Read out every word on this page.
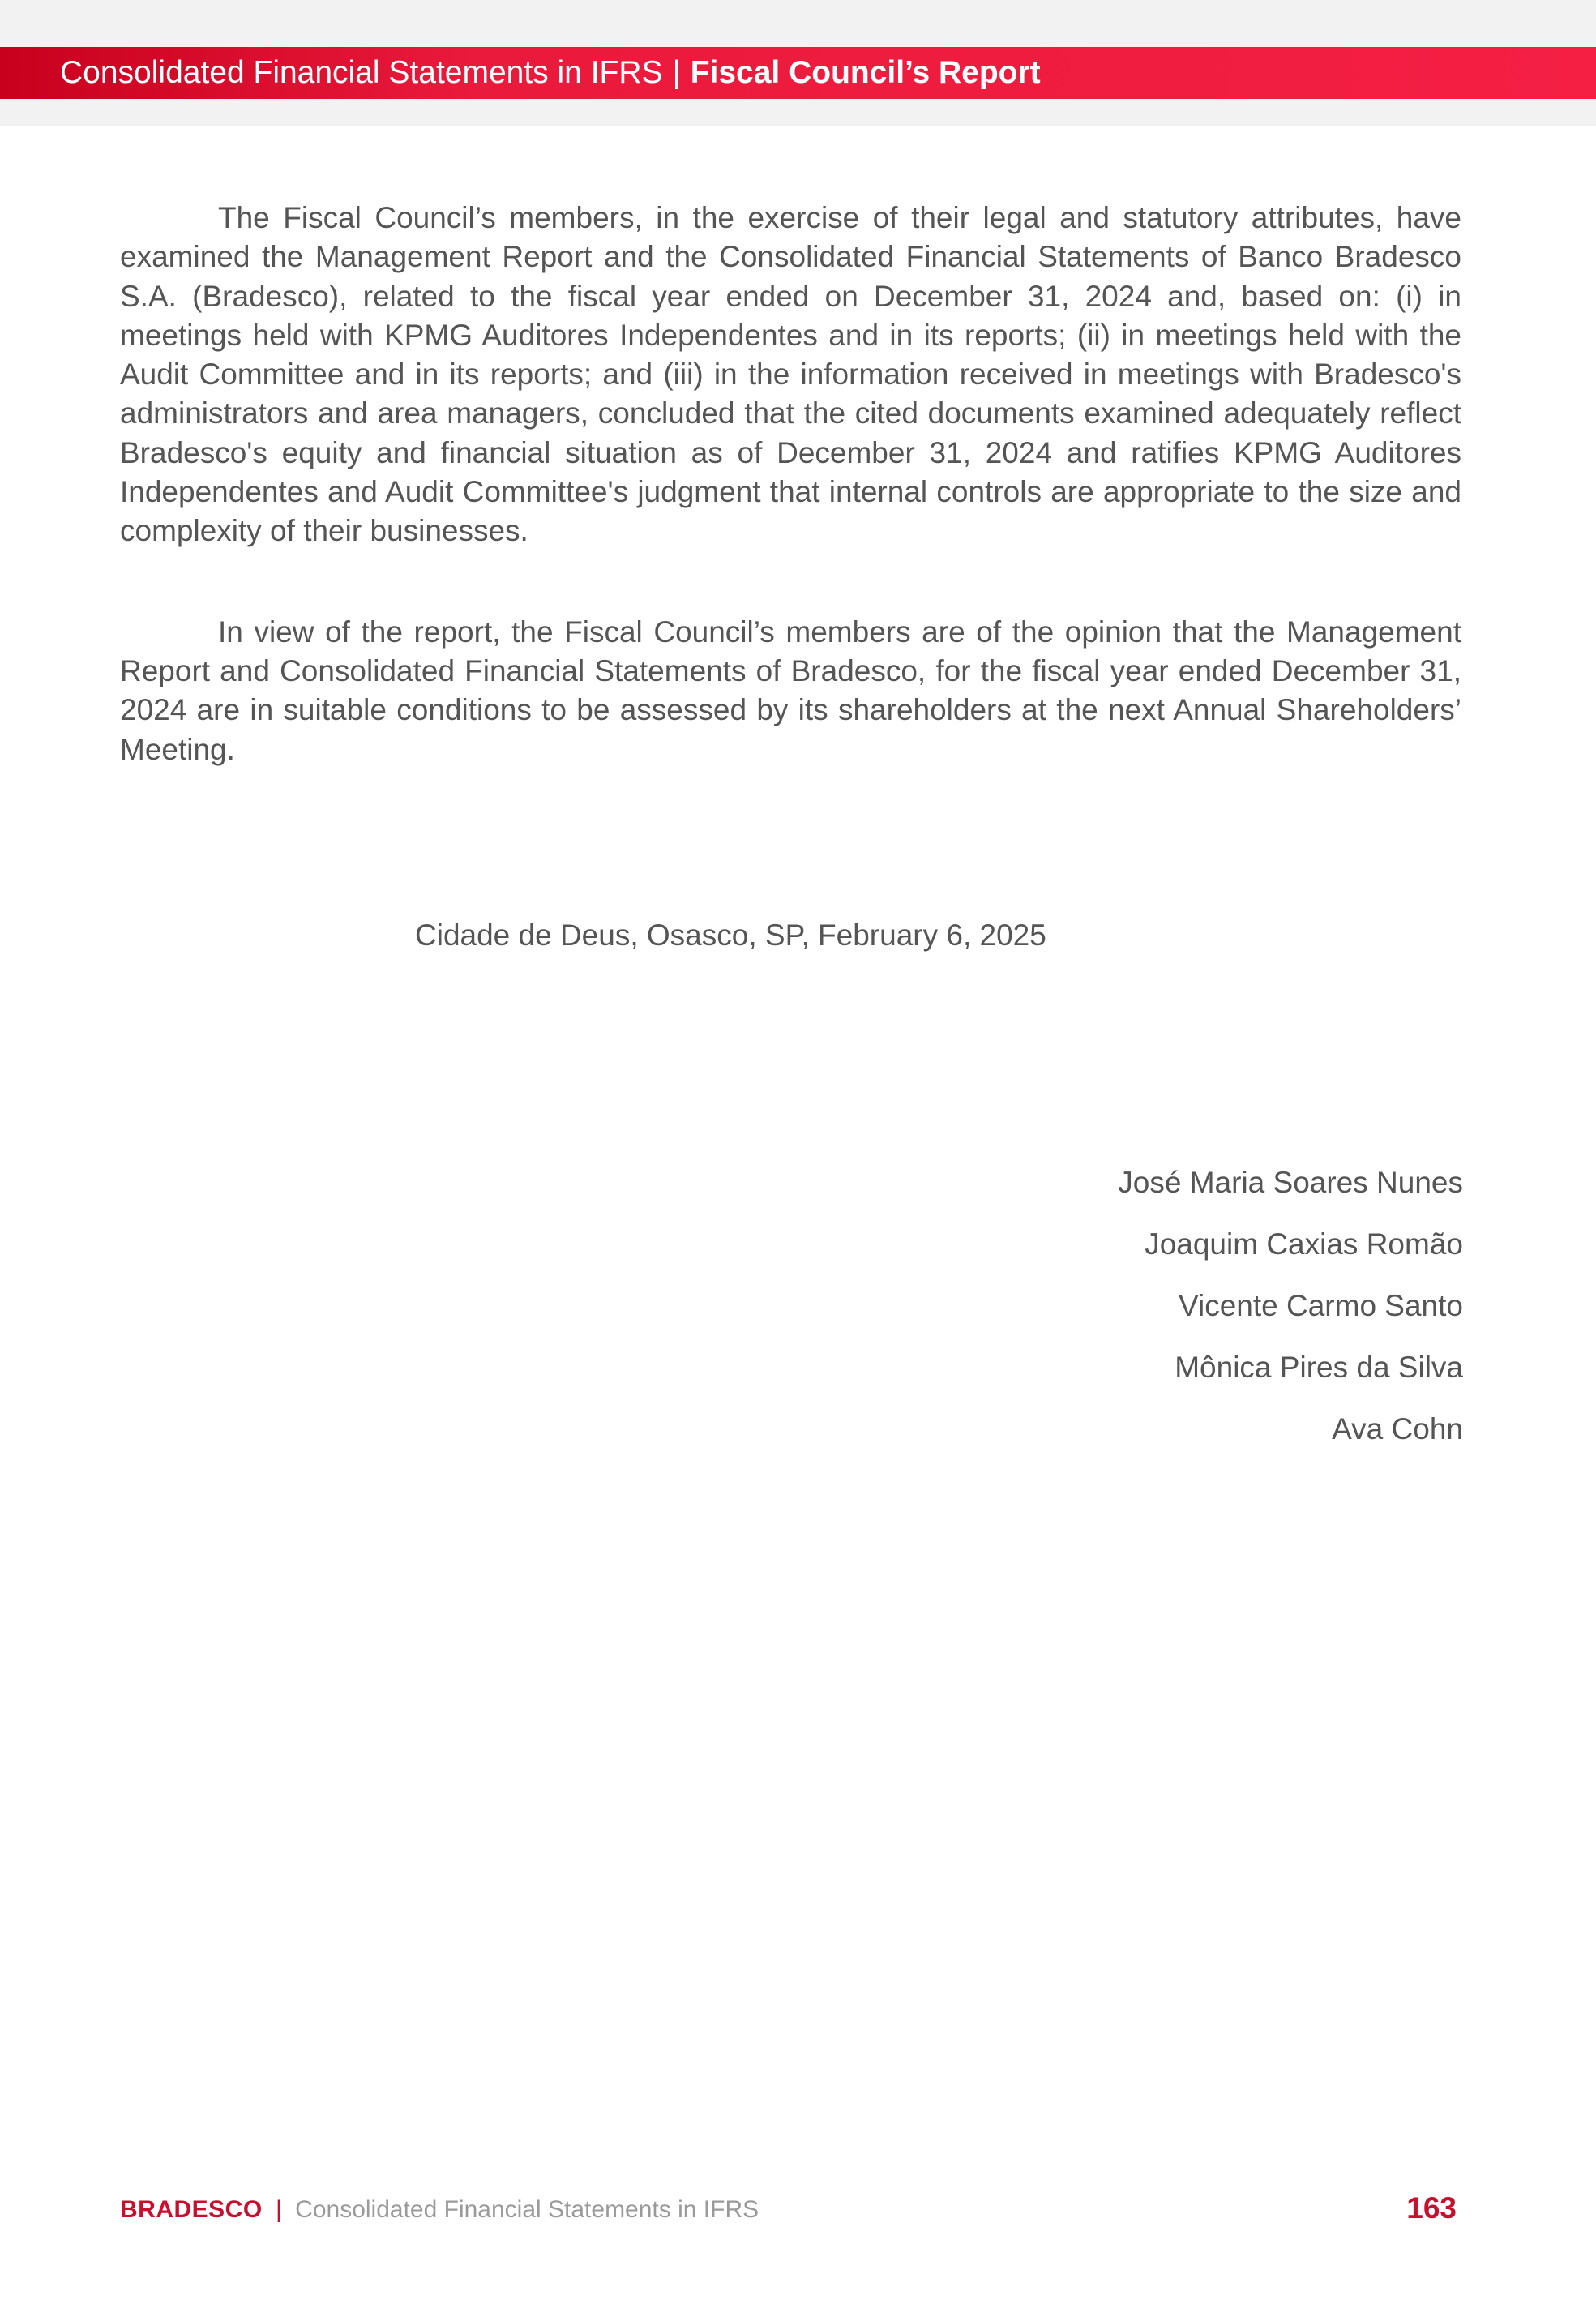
Consolidated Financial Statements in IFRS | Fiscal Council’s Report

The Fiscal Council’s members, in the exercise of their legal and statutory attributes, have examined the Management Report and the Consolidated Financial Statements of Banco Bradesco S.A. (Bradesco), related to the fiscal year ended on December 31, 2024 and, based on: (i) in meetings held with KPMG Auditores Independentes and in its reports; (ii) in meetings held with the Audit Committee and in its reports; and (iii) in the information received in meetings with Bradesco's administrators and area managers, concluded that the cited documents examined adequately reflect Bradesco's equity and financial situation as of December 31, 2024 and ratifies KPMG Auditores Independentes and Audit Committee's judgment that internal controls are appropriate to the size and complexity of their businesses.

In view of the report, the Fiscal Council’s members are of the opinion that the Management Report and Consolidated Financial Statements of Bradesco, for the fiscal year ended December 31, 2024 are in suitable conditions to be assessed by its shareholders at the next Annual Shareholders’ Meeting.

Cidade de Deus, Osasco, SP, February 6, 2025
José Maria Soares Nunes
Joaquim Caxias Romão
Vicente Carmo Santo
Mônica Pires da Silva
Ava Cohn
BRADESCO | Consolidated Financial Statements in IFRS	163
